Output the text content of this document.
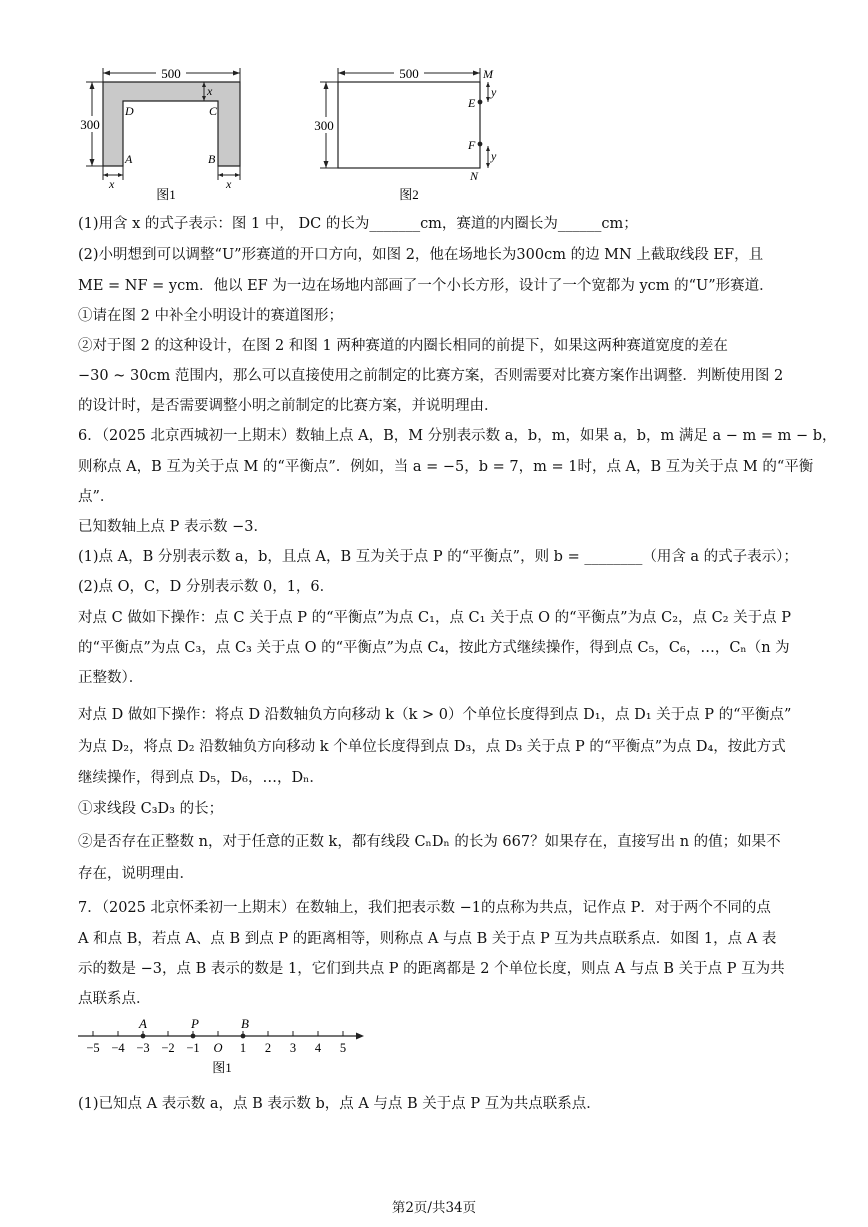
500
300
x
D	C
A	B
x	x
图1
500	M
300
E
F
N
y
y
图2
(1)用含 x 的式子表示：图 1 中， DC 的长为_______cm，赛道的内圈长为______cm；
(2)小明想到可以调整“U”形赛道的开口方向，如图 2，他在场地长为300cm 的边 MN 上截取线段 EF，且
ME = NF = ycm．他以 EF 为一边在场地内部画了一个小长方形，设计了一个宽都为 ycm 的“U”形赛道．
①请在图 2 中补全小明设计的赛道图形；
②对于图 2 的这种设计，在图 2 和图 1 两种赛道的内圈长相同的前提下，如果这两种赛道宽度的差在
−30 ~ 30cm 范围内，那么可以直接使用之前制定的比赛方案，否则需要对比赛方案作出调整．判断使用图 2
的设计时，是否需要调整小明之前制定的比赛方案，并说明理由．
6．（2025 北京西城初一上期末）数轴上点 A，B，M 分别表示数 a，b，m，如果 a，b，m 满足 a − m = m − b，
则称点 A，B 互为关于点 M 的“平衡点”．例如，当 a = −5，b = 7，m = 1时，点 A，B 互为关于点 M 的“平衡
点”．
已知数轴上点 P 表示数 −3．
(1)点 A，B 分别表示数 a，b，且点 A，B 互为关于点 P 的“平衡点”，则 b = ________（用含 a 的式子表示）；
(2)点 O，C，D 分别表示数 0，1，6．
对点 C 做如下操作：点 C 关于点 P 的“平衡点”为点 C₁，点 C₁ 关于点 O 的“平衡点”为点 C₂，点 C₂ 关于点 P
的“平衡点”为点 C₃，点 C₃ 关于点 O 的“平衡点”为点 C₄，按此方式继续操作，得到点 C₅，C₆，…，Cₙ（n 为
正整数）．
对点 D 做如下操作：将点 D 沿数轴负方向移动 k（k > 0）个单位长度得到点 D₁，点 D₁ 关于点 P 的“平衡点”
为点 D₂，将点 D₂ 沿数轴负方向移动 k 个单位长度得到点 D₃，点 D₃ 关于点 P 的“平衡点”为点 D₄，按此方式
继续操作，得到点 D₅，D₆，…，Dₙ．
①求线段 C₃D₃ 的长；
②是否存在正整数 n，对于任意的正数 k，都有线段 CₙDₙ 的长为 667？如果存在，直接写出 n 的值；如果不
存在，说明理由．
7．（2025 北京怀柔初一上期末）在数轴上，我们把表示数 −1的点称为共点，记作点 P．对于两个不同的点
A 和点 B，若点 A、点 B 到点 P 的距离相等，则称点 A 与点 B 关于点 P 互为共点联系点．如图 1，点 A 表
示的数是 −3，点 B 表示的数是 1，它们到共点 P 的距离都是 2 个单位长度，则点 A 与点 B 关于点 P 互为共
点联系点．
A	P	B
−5 −4 −3 −2 −1 O 1 2 3 4 5
图1
(1)已知点 A 表示数 a，点 B 表示数 b，点 A 与点 B 关于点 P 互为共点联系点．
第2页/共34页
